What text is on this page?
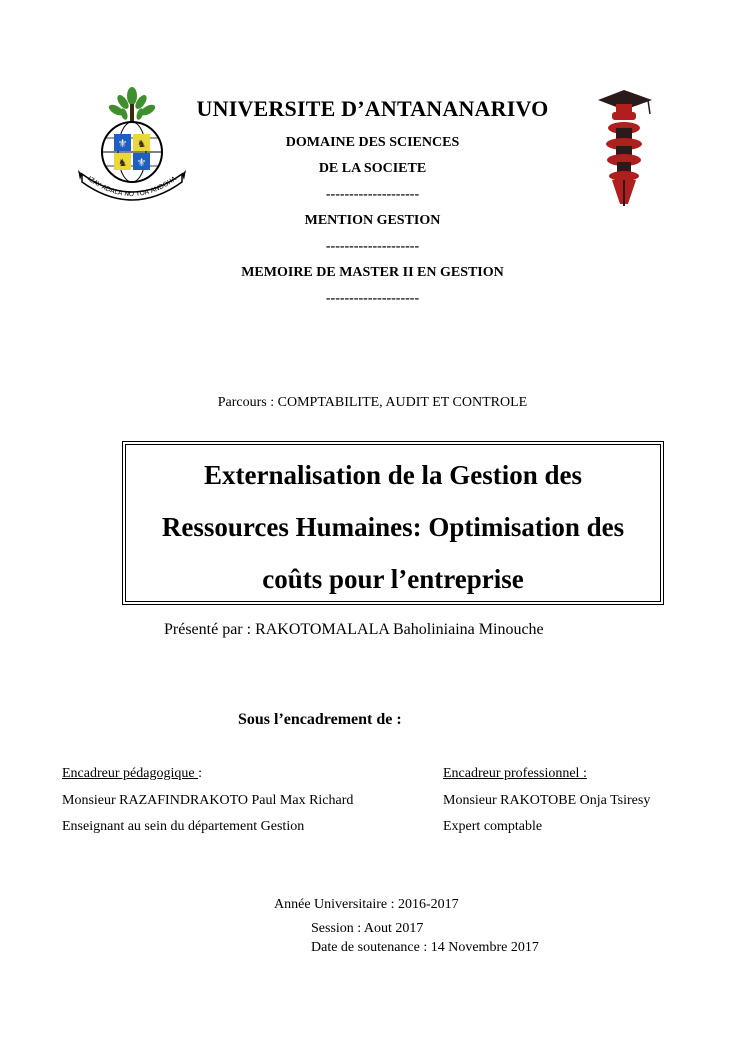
⚜
⚜
♞
♞
IZAY ADALA NO TOA ANDOHA
UNIVERSITE D’ANTANANARIVO
DOMAINE DES SCIENCES
DE LA SOCIETE
--------------------
MENTION GESTION
--------------------
MEMOIRE DE MASTER II EN GESTION
--------------------
Parcours : COMPTABILITE, AUDIT ET CONTROLE
Externalisation de la Gestion des
Ressources Humaines: Optimisation des
coûts pour l’entreprise
Présenté par : RAKOTOMALALA Baholiniaina Minouche
Sous l’encadrement de :
Encadreur pédagogique :
Monsieur RAZAFINDRAKOTO Paul Max Richard
Enseignant au sein du département Gestion
Encadreur professionnel :
Monsieur RAKOTOBE Onja Tsiresy
Expert comptable
Année Universitaire : 2016-2017
Session : Aout 2017
Date de soutenance : 14 Novembre 2017
